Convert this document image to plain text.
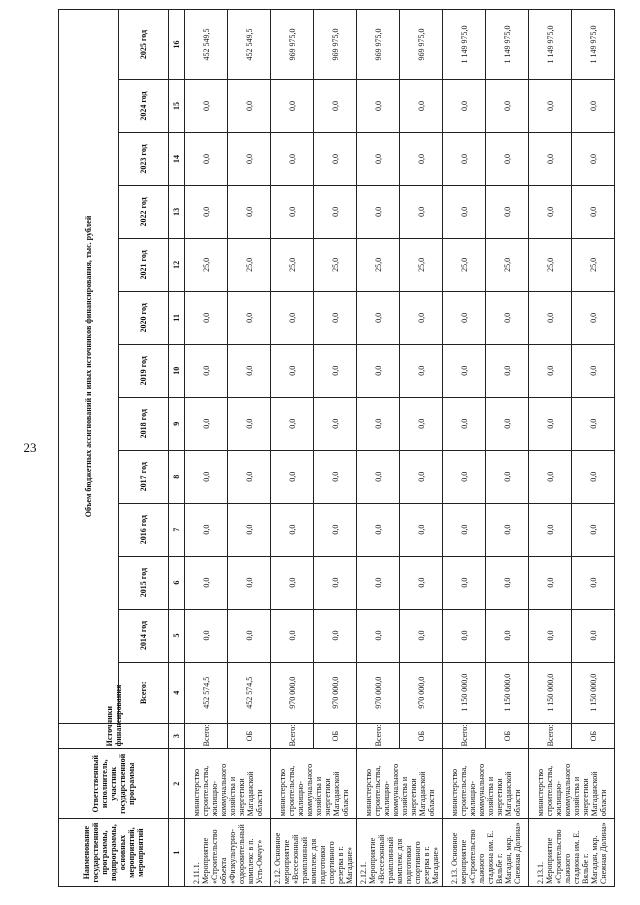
23
Наименование государственной программы, подпрограммы, основных мероприятий, мероприятий	Ответственный исполнитель, участник государственной программы	Источники финансирования	Объем бюджетных ассигнований и иных источников финансирования, тыс. рублей												
			Всего:	2014 год	2015 год	2016 год	2017 год	2018 год	2019 год	2020 год	2021 год	2022 год	2023 год	2024 год	2025 год
1	2	3	4	5	6	7	8	9	10	11	12	13	14	15	16
2.11.1. Мероприятие «Строительство объекта «Физкультурно-оздоровительный комплекс в п. Усть-Омчуг»	министерство строительства, жилищно-коммунального хозяйства и энергетики Магаданской области	Всего:	452 574,5	0,0	0,0	0,0	0,0	0,0	0,0	0,0	25,0	0,0	0,0	0,0	452 549,5
		ОБ	452 574,5	0,0	0,0	0,0	0,0	0,0	0,0	0,0	25,0	0,0	0,0	0,0	452 549,5
2.12. Основное мероприятие «Всесезонный трамплинный комплекс для подготовки спортивного резерва в г. Магадане»	министерство строительства, жилищно-коммунального хозяйства и энергетики Магаданской области	Всего:	970 000,0	0,0	0,0	0,0	0,0	0,0	0,0	0,0	25,0	0,0	0,0	0,0	969 975,0
		ОБ	970 000,0	0,0	0,0	0,0	0,0	0,0	0,0	0,0	25,0	0,0	0,0	0,0	969 975,0
2.12.1. Мероприятие «Всесезонный трамплинный комплекс для подготовки спортивного резерва в г. Магадане»	министерство строительства, жилищно-коммунального хозяйства и энергетики Магаданской области	Всего:	970 000,0	0,0	0,0	0,0	0,0	0,0	0,0	0,0	25,0	0,0	0,0	0,0	969 975,0
		ОБ	970 000,0	0,0	0,0	0,0	0,0	0,0	0,0	0,0	25,0	0,0	0,0	0,0	969 975,0
2.13. Основное мероприятие «Строительство лыжного стадиона им. Е. Вяльбе г. Магадан, мкр. Снежная Долина»	министерство строительства, жилищно-коммунального хозяйства и энергетики Магаданской области	Всего:	1 150 000,0	0,0	0,0	0,0	0,0	0,0	0,0	0,0	25,0	0,0	0,0	0,0	1 149 975,0
		ОБ	1 150 000,0	0,0	0,0	0,0	0,0	0,0	0,0	0,0	25,0	0,0	0,0	0,0	1 149 975,0
2.13.1. Мероприятие «Строительство лыжного стадиона им. Е. Вяльбе г. Магадан, мкр. Снежная Долина»	министерство строительства, жилищно-коммунального хозяйства и энергетики Магаданской области	Всего:	1 150 000,0	0,0	0,0	0,0	0,0	0,0	0,0	0,0	25,0	0,0	0,0	0,0	1 149 975,0
		ОБ	1 150 000,0	0,0	0,0	0,0	0,0	0,0	0,0	0,0	25,0	0,0	0,0	0,0	1 149 975,0
